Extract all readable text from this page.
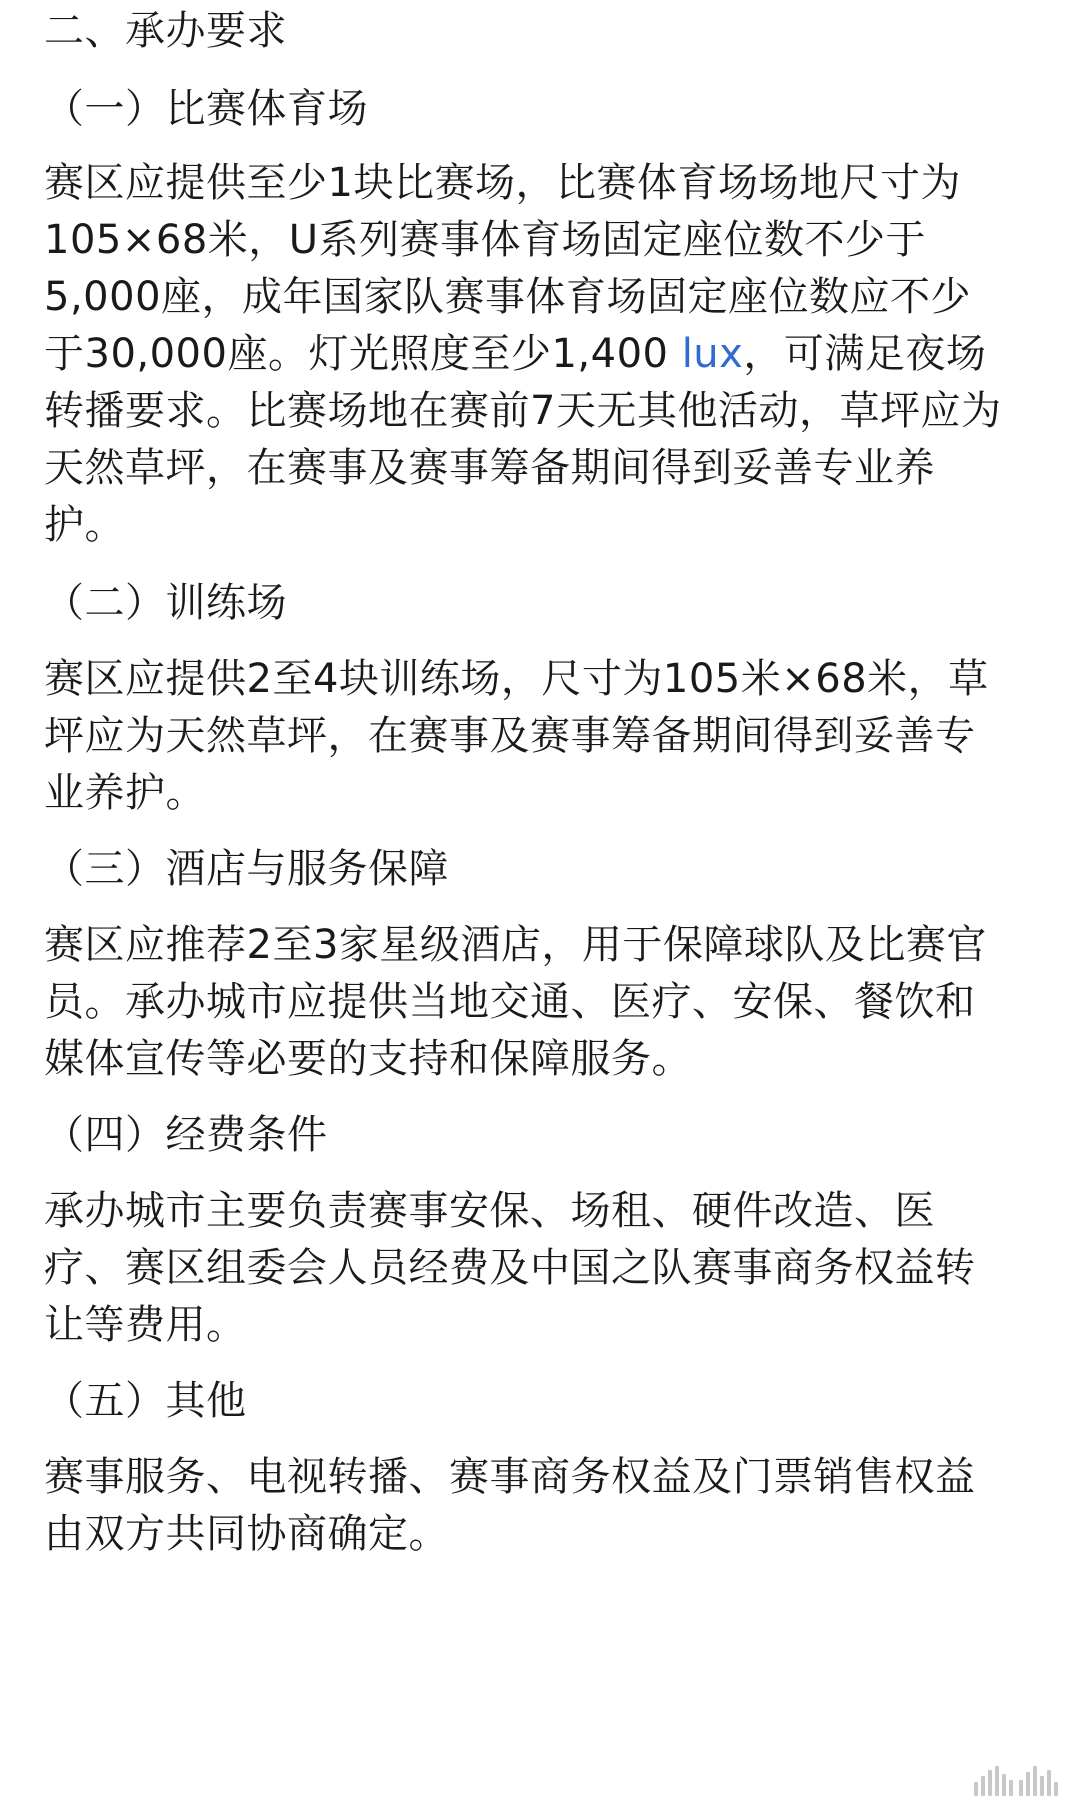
二、承办要求

（一）比赛体育场

赛区应提供至少1块比赛场，比赛体育场场地尺寸为

105×68米，U系列赛事体育场固定座位数不少于

5,000座，成年国家队赛事体育场固定座位数应不少

于30,000座。灯光照度至少1,400 lux，可满足夜场

转播要求。比赛场地在赛前7天无其他活动，草坪应为

天然草坪，在赛事及赛事筹备期间得到妥善专业养

护。

（二）训练场

赛区应提供2至4块训练场，尺寸为105米×68米，草

坪应为天然草坪，在赛事及赛事筹备期间得到妥善专

业养护。

（三）酒店与服务保障

赛区应推荐2至3家星级酒店，用于保障球队及比赛官

员。承办城市应提供当地交通、医疗、安保、餐饮和

媒体宣传等必要的支持和保障服务。

（四）经费条件

承办城市主要负责赛事安保、场租、硬件改造、医

疗、赛区组委会人员经费及中国之队赛事商务权益转

让等费用。

（五）其他

赛事服务、电视转播、赛事商务权益及门票销售权益

由双方共同协商确定。
